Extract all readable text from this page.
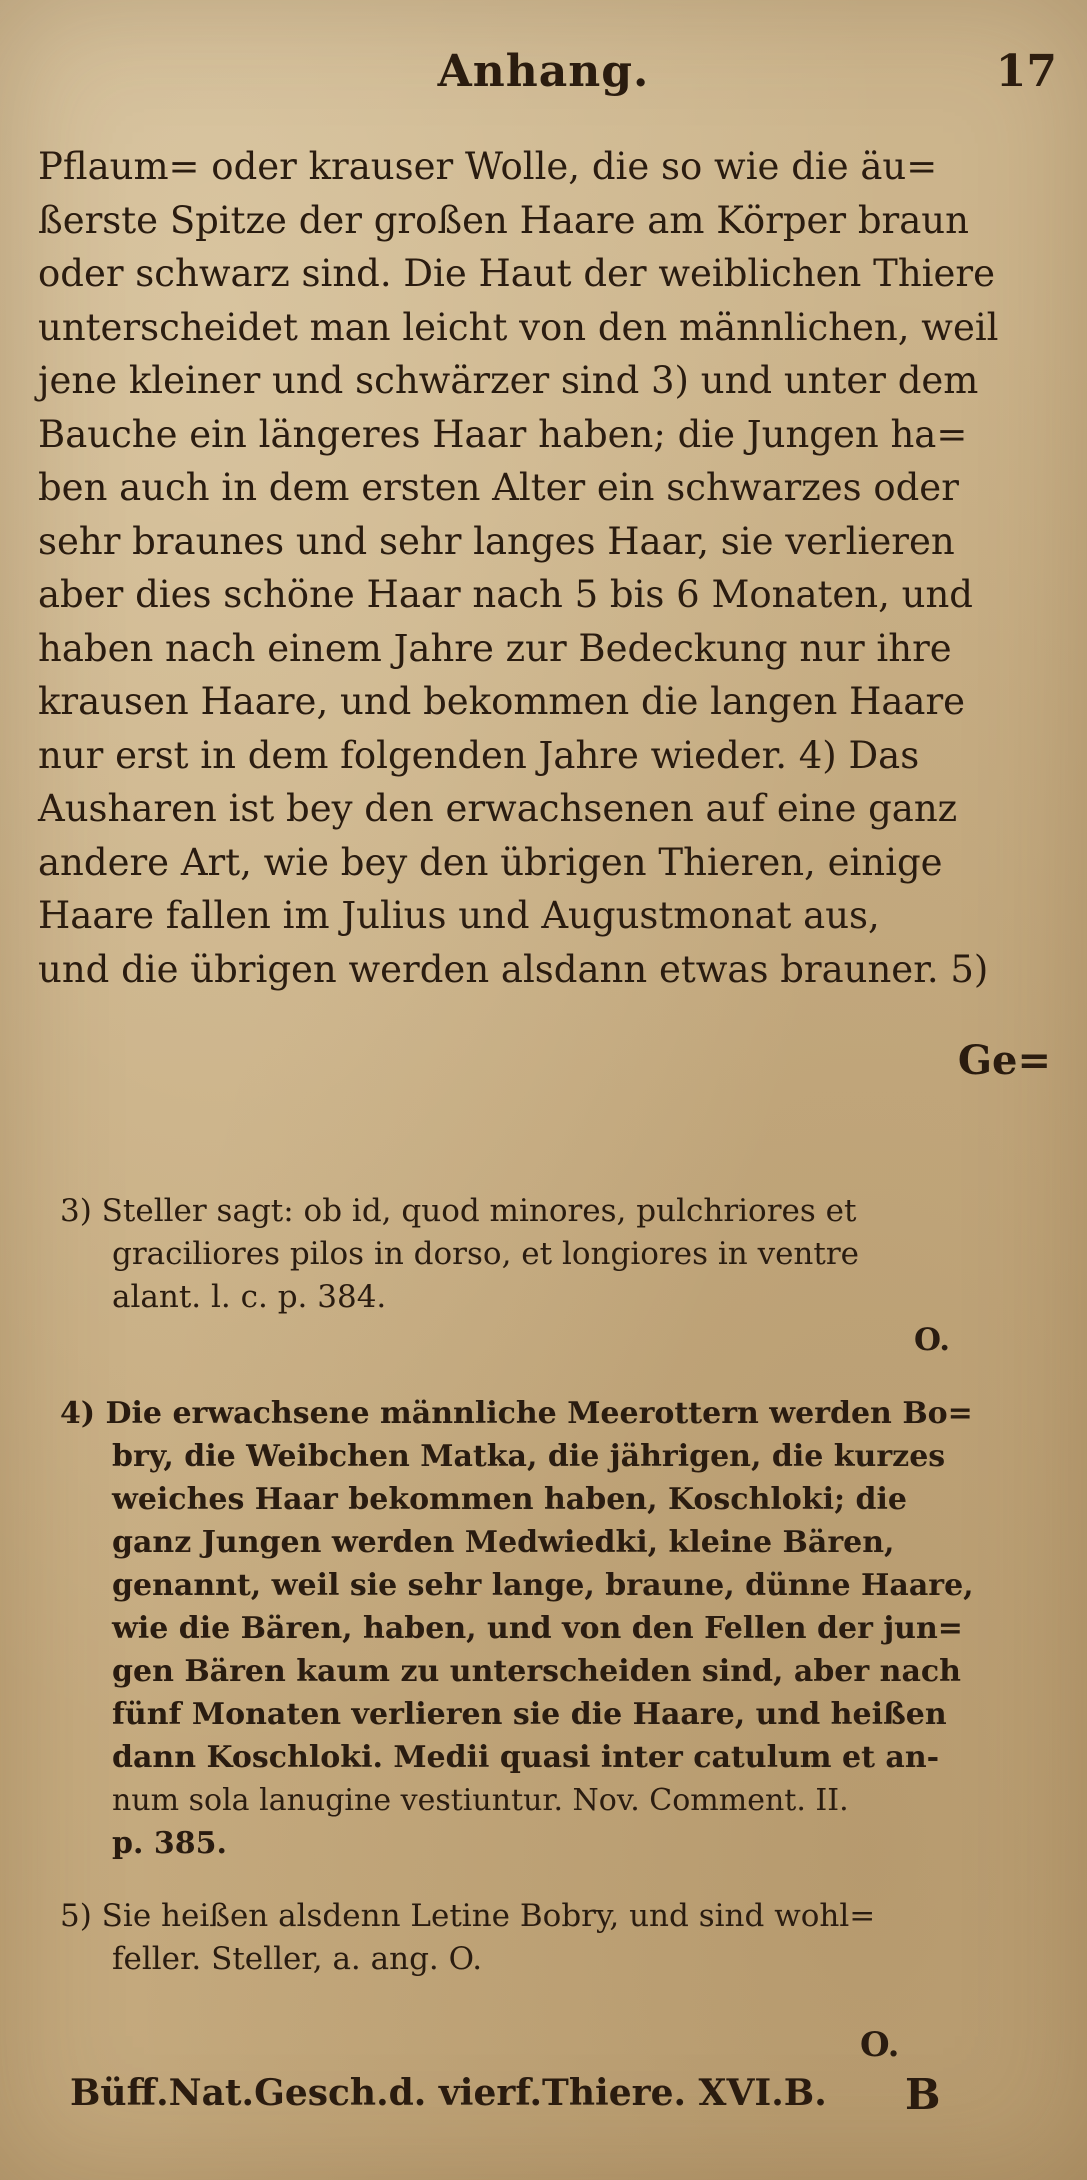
Anhang.	17
Pflaum= oder krauser Wolle, die so wie die äu=
ßerste Spitze der großen Haare am Körper braun
oder schwarz sind. Die Haut der weiblichen Thiere
unterscheidet man leicht von den männlichen, weil
jene kleiner und schwärzer sind 3) und unter dem
Bauche ein längeres Haar haben; die Jungen ha=
ben auch in dem ersten Alter ein schwarzes oder
sehr braunes und sehr langes Haar, sie verlieren
aber dies schöne Haar nach 5 bis 6 Monaten, und
haben nach einem Jahre zur Bedeckung nur ihre
krausen Haare, und bekommen die langen Haare
nur erst in dem folgenden Jahre wieder. 4) Das
Ausharen ist bey den erwachsenen auf eine ganz
andere Art, wie bey den übrigen Thieren, einige
Haare fallen im Julius und Augustmonat aus,
und die übrigen werden alsdann etwas brauner. 5)
Ge=
3) Steller sagt: ob id, quod minores, pulchriores et
graciliores pilos in dorso, et longiores in ventre
alant. l. c. p. 384.
O.
4) Die erwachsene männliche Meerottern werden Bo=
bry, die Weibchen Matka, die jährigen, die kurzes
weiches Haar bekommen haben, Koschloki; die
ganz Jungen werden Medwiedki, kleine Bären,
genannt, weil sie sehr lange, braune, dünne Haare,
wie die Bären, haben, und von den Fellen der jun=
gen Bären kaum zu unterscheiden sind, aber nach
fünf Monaten verlieren sie die Haare, und heißen
dann Koschloki. Medii quasi inter catulum et an-
num sola lanugine vestiuntur. Nov. Comment. II.
p. 385.
5) Sie heißen alsdenn Letine Bobry, und sind wohl=
feller. Steller, a. ang. O.
O.
Büff.Nat.Gesch.d. vierf.Thiere. XVI.B.	B
